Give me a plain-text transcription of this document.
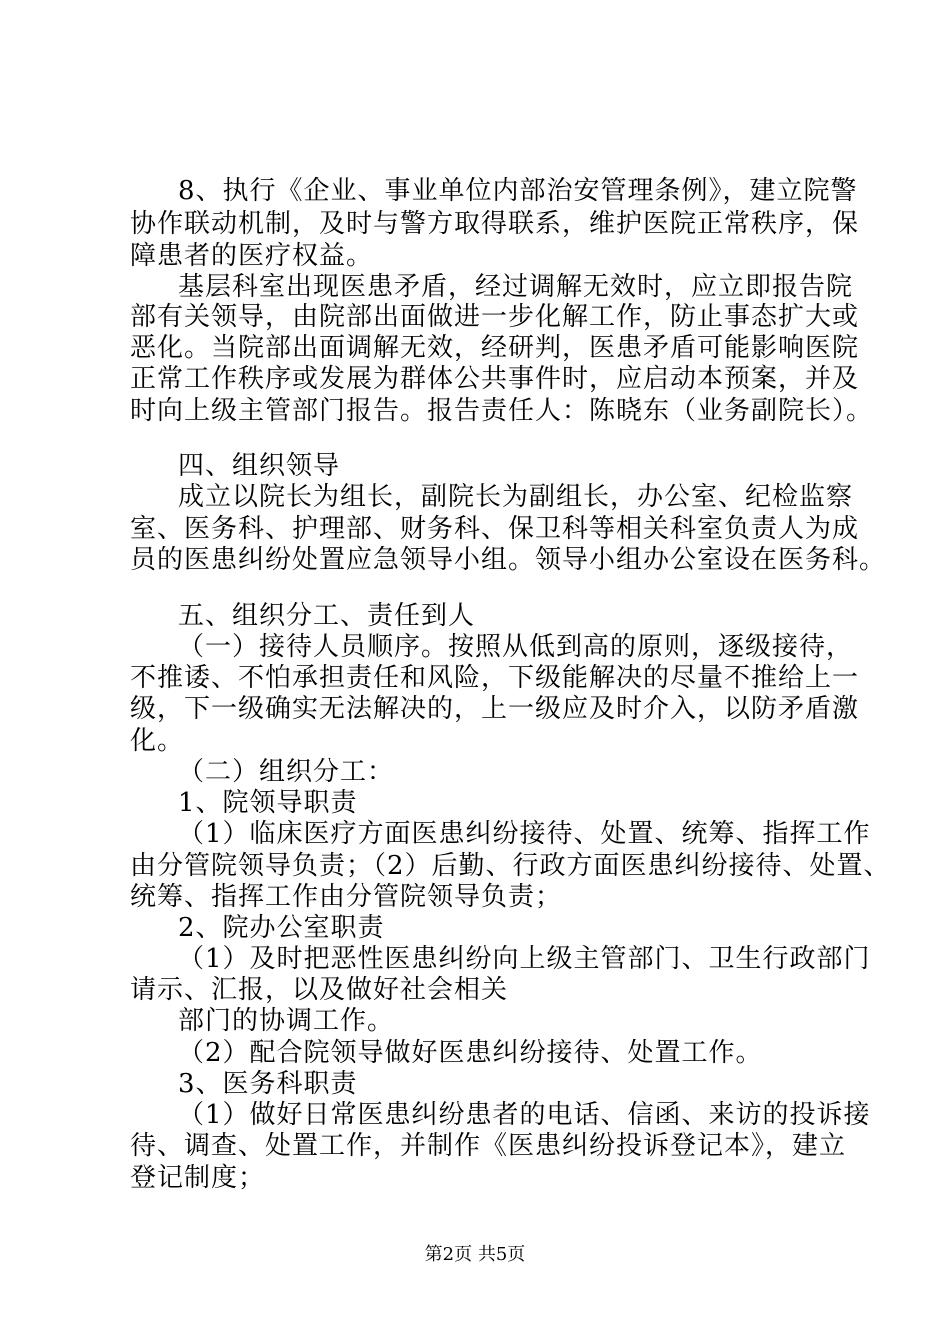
8、执行《企业、事业单位内部治安管理条例》，建立院警
协作联动机制，及时与警方取得联系，维护医院正常秩序，保
障患者的医疗权益。
基层科室出现医患矛盾，经过调解无效时，应立即报告院
部有关领导，由院部出面做进一步化解工作，防止事态扩大或
恶化。当院部出面调解无效，经研判，医患矛盾可能影响医院
正常工作秩序或发展为群体公共事件时，应启动本预案，并及
时向上级主管部门报告。报告责任人：陈晓东（业务副院长）。
四、组织领导
成立以院长为组长，副院长为副组长，办公室、纪检监察
室、医务科、护理部、财务科、保卫科等相关科室负责人为成
员的医患纠纷处置应急领导小组。领导小组办公室设在医务科。
五、组织分工、责任到人
（一）接待人员顺序。按照从低到高的原则，逐级接待，
不推诿、不怕承担责任和风险，下级能解决的尽量不推给上一
级，下一级确实无法解决的，上一级应及时介入，以防矛盾激
化。
（二）组织分工：
1、院领导职责
（1）临床医疗方面医患纠纷接待、处置、统筹、指挥工作
由分管院领导负责；（2）后勤、行政方面医患纠纷接待、处置、
统筹、指挥工作由分管院领导负责；
2、院办公室职责
（1）及时把恶性医患纠纷向上级主管部门、卫生行政部门
请示、汇报，以及做好社会相关
部门的协调工作。
（2）配合院领导做好医患纠纷接待、处置工作。
3、医务科职责
（1）做好日常医患纠纷患者的电话、信函、来访的投诉接
待、调查、处置工作，并制作《医患纠纷投诉登记本》，建立
登记制度；
第2页 共5页
